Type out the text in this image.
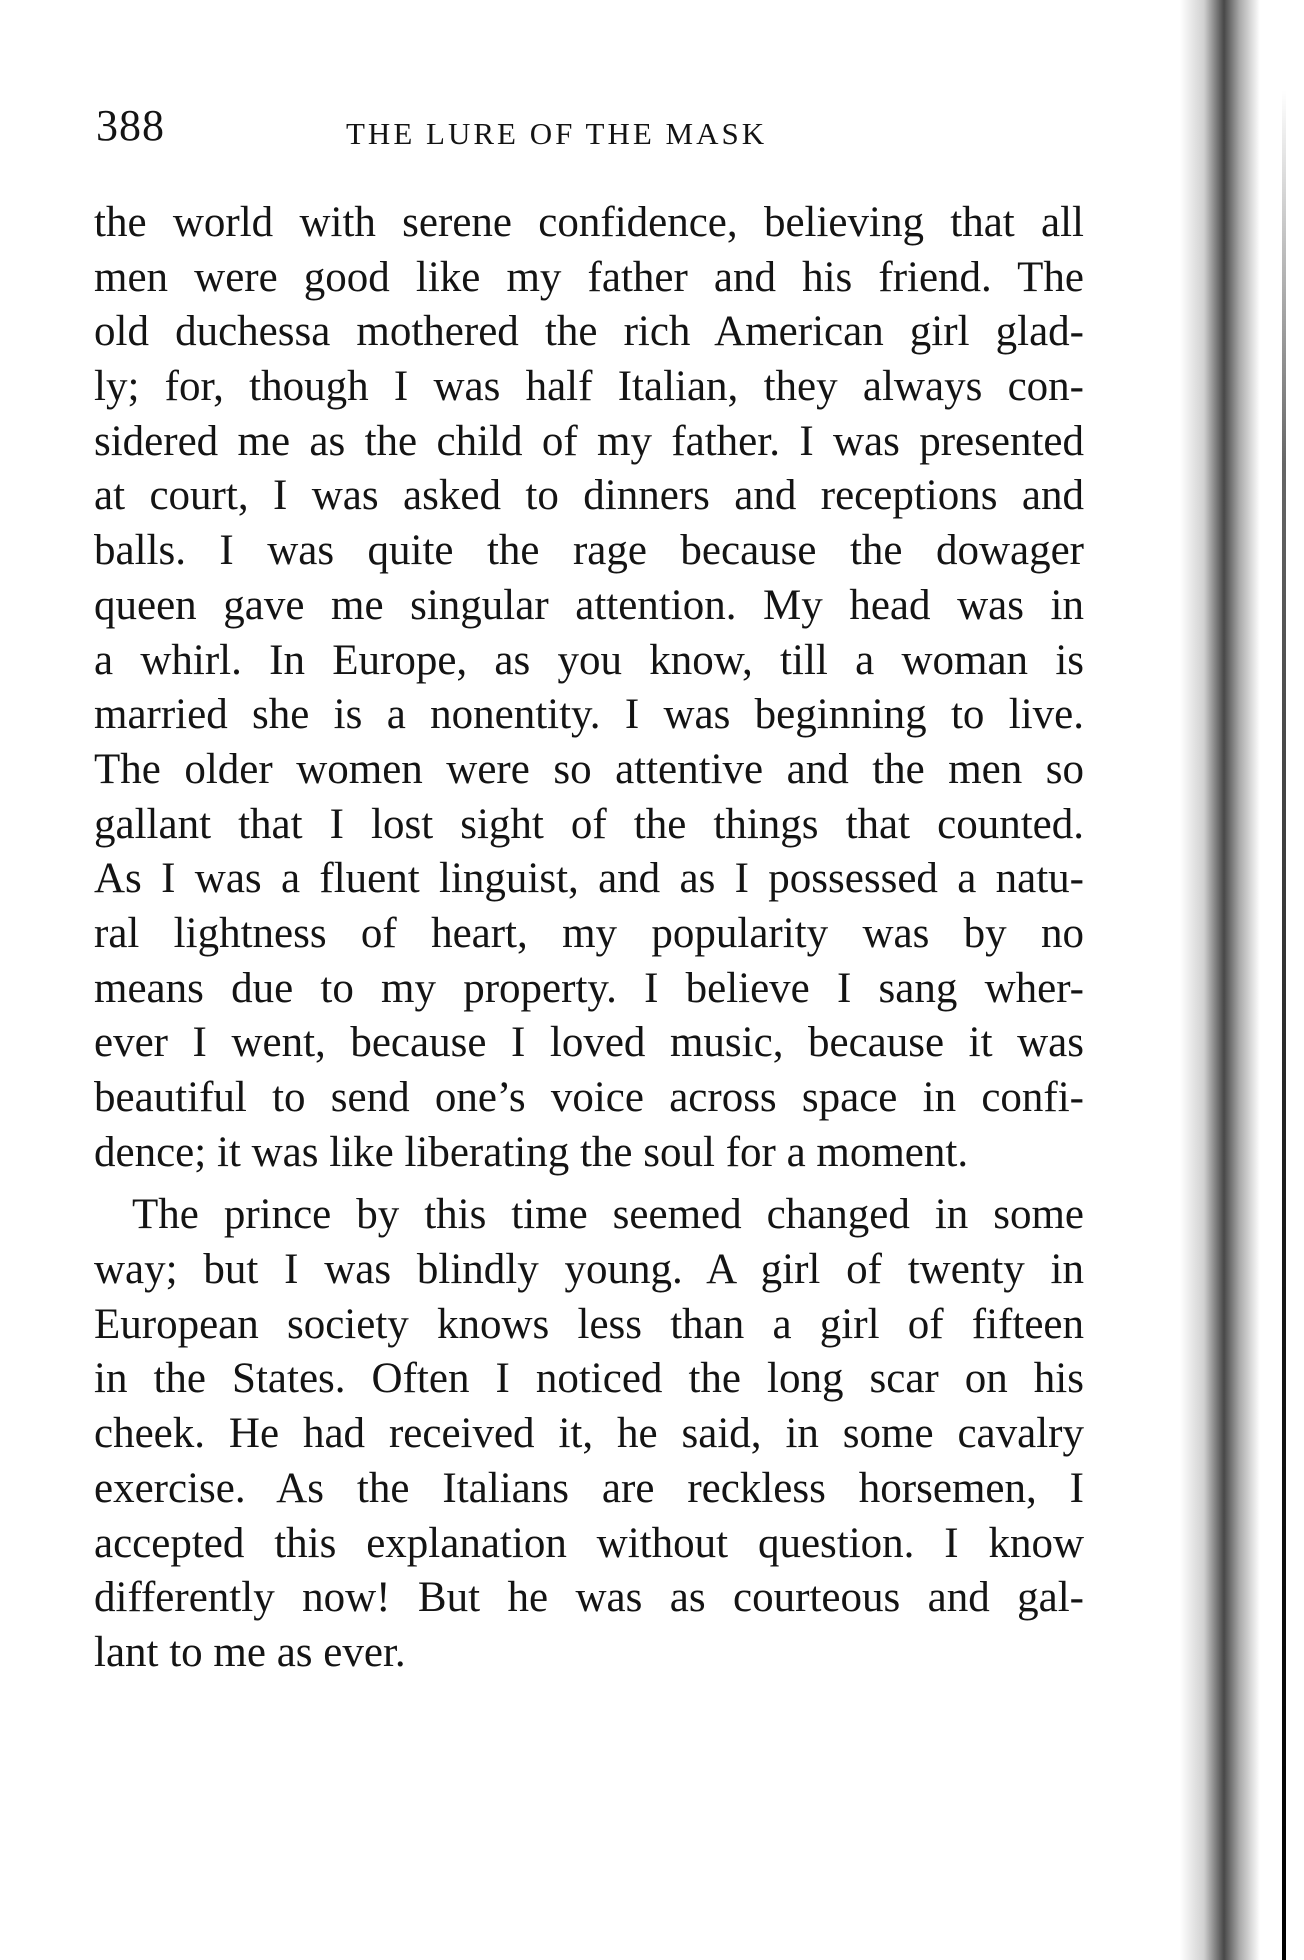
388	THE LURE OF THE MASK
the world with serene confidence, believing that all
men were good like my father and his friend. The
old duchessa mothered the rich American girl glad-
ly; for, though I was half Italian, they always con-
sidered me as the child of my father. I was presented
at court, I was asked to dinners and receptions and
balls. I was quite the rage because the dowager
queen gave me singular attention. My head was in
a whirl. In Europe, as you know, till a woman is
married she is a nonentity. I was beginning to live.
The older women were so attentive and the men so
gallant that I lost sight of the things that counted.
As I was a fluent linguist, and as I possessed a natu-
ral lightness of heart, my popularity was by no
means due to my property. I believe I sang wher-
ever I went, because I loved music, because it was
beautiful to send one’s voice across space in confi-
dence; it was like liberating the soul for a moment.
The prince by this time seemed changed in some
way; but I was blindly young. A girl of twenty in
European society knows less than a girl of fifteen
in the States. Often I noticed the long scar on his
cheek. He had received it, he said, in some cavalry
exercise. As the Italians are reckless horsemen, I
accepted this explanation without question. I know
differently now! But he was as courteous and gal-
lant to me as ever.
